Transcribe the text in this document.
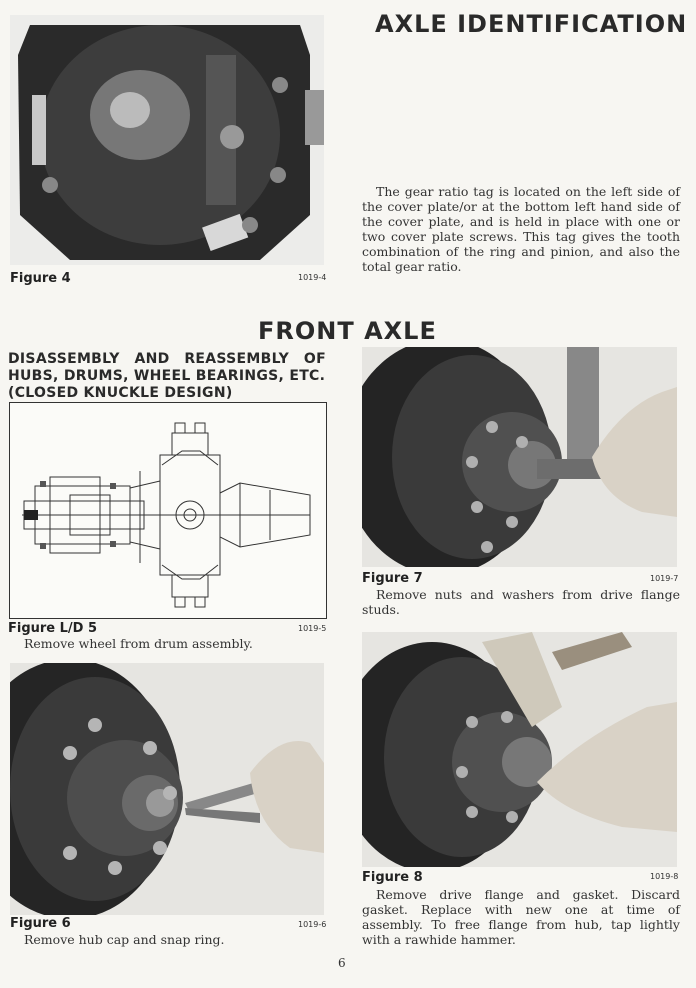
Figure 4	1019-4
AXLE IDENTIFICATION
The gear ratio tag is located on the left side of the cover plate/or at the bottom left hand side of the cover plate, and is held in place with one or two cover plate screws. This tag gives the tooth combination of the ring and pinion, and also the total gear ratio.
FRONT AXLE
DISASSEMBLY AND REASSEMBLY OF
HUBS, DRUMS, WHEEL BEARINGS, ETC.
(CLOSED KNUCKLE DESIGN)
Figure L/D 5	1019-5
Remove wheel from drum assembly.
Figure 6	1019-6
Remove hub cap and snap ring.
Figure 7	1019-7
Remove nuts and washers from drive flange studs.
Figure 8	1019-8
Remove drive flange and gasket. Discard gasket. Replace with new one at time of assembly. To free flange from hub, tap lightly with a rawhide hammer.
6
